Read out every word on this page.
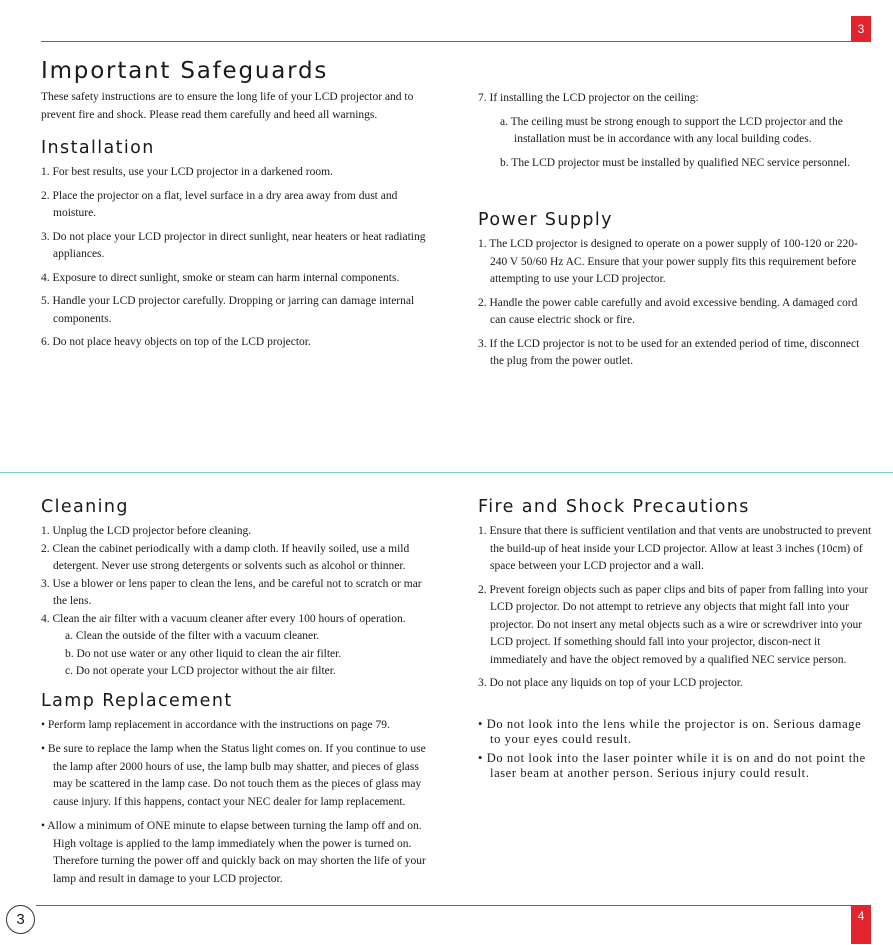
3
4
3
Important Safeguards

These safety instructions are to ensure the long life of your LCD projector and to prevent fire and shock. Please read them carefully and heed all warnings.

Installation
1. For best results, use your LCD projector in a darkened room.
2. Place the projector on a flat, level surface in a dry area away from dust and moisture.
3. Do not place your LCD projector in direct sunlight, near heaters or heat radiating appliances.
4. Exposure to direct sunlight, smoke or steam can harm internal components.
5. Handle your LCD projector carefully. Dropping or jarring can damage internal components.
6. Do not place heavy objects on top of the LCD projector.

7. If installing the LCD projector on the ceiling:

a. The ceiling must be strong enough to support the LCD projector and the installation must be in accordance with any local building codes.
b. The LCD projector must be installed by qualified NEC service personnel.
Power Supply
1. The LCD projector is designed to operate on a power supply of 100-120 or 220-240 V 50/60 Hz AC. Ensure that your power supply fits this requirement before attempting to use your LCD projector.
2. Handle the power cable carefully and avoid excessive bending. A damaged cord can cause electric shock or fire.
3. If the LCD projector is not to be used for an extended period of time, disconnect the plug from the power outlet.
Cleaning
1. Unplug the LCD projector before cleaning.
2. Clean the cabinet periodically with a damp cloth. If heavily soiled, use a mild detergent. Never use strong detergents or solvents such as alcohol or thinner.
3. Use a blower or lens paper to clean the lens, and be careful not to scratch or mar the lens.
4. Clean the air filter with a vacuum cleaner after every 100 hours of operation.
a. Clean the outside of the filter with a vacuum cleaner.
b. Do not use water or any other liquid to clean the air filter.
c. Do not operate your LCD projector without the air filter.
Lamp Replacement
• Perform lamp replacement in accordance with the instructions on page 79.
• Be sure to replace the lamp when the Status light comes on. If you continue to use the lamp after 2000 hours of use, the lamp bulb may shatter, and pieces of glass may be scattered in the lamp case. Do not touch them as the pieces of glass may cause injury. If this happens, contact your NEC dealer for lamp replacement.
• Allow a minimum of ONE minute to elapse between turning the lamp off and on. High voltage is applied to the lamp immediately when the power is turned on. Therefore turning the power off and quickly back on may shorten the life of your lamp and result in damage to your LCD projector.
Fire and Shock Precautions
1. Ensure that there is sufficient ventilation and that vents are unobstructed to prevent the build-up of heat inside your LCD projector. Allow at least 3 inches (10cm) of space between your LCD projector and a wall.
2. Prevent foreign objects such as paper clips and bits of paper from falling into your LCD projector. Do not attempt to retrieve any objects that might fall into your projector. Do not insert any metal objects such as a wire or screwdriver into your LCD project. If something should fall into your projector, discon-nect it immediately and have the object removed by a qualified NEC service person.
3. Do not place any liquids on top of your LCD projector.
• Do not look into the lens while the projector is on. Serious damage to your eyes could result.
• Do not look into the laser pointer while it is on and do not point the laser beam at another person. Serious injury could result.
